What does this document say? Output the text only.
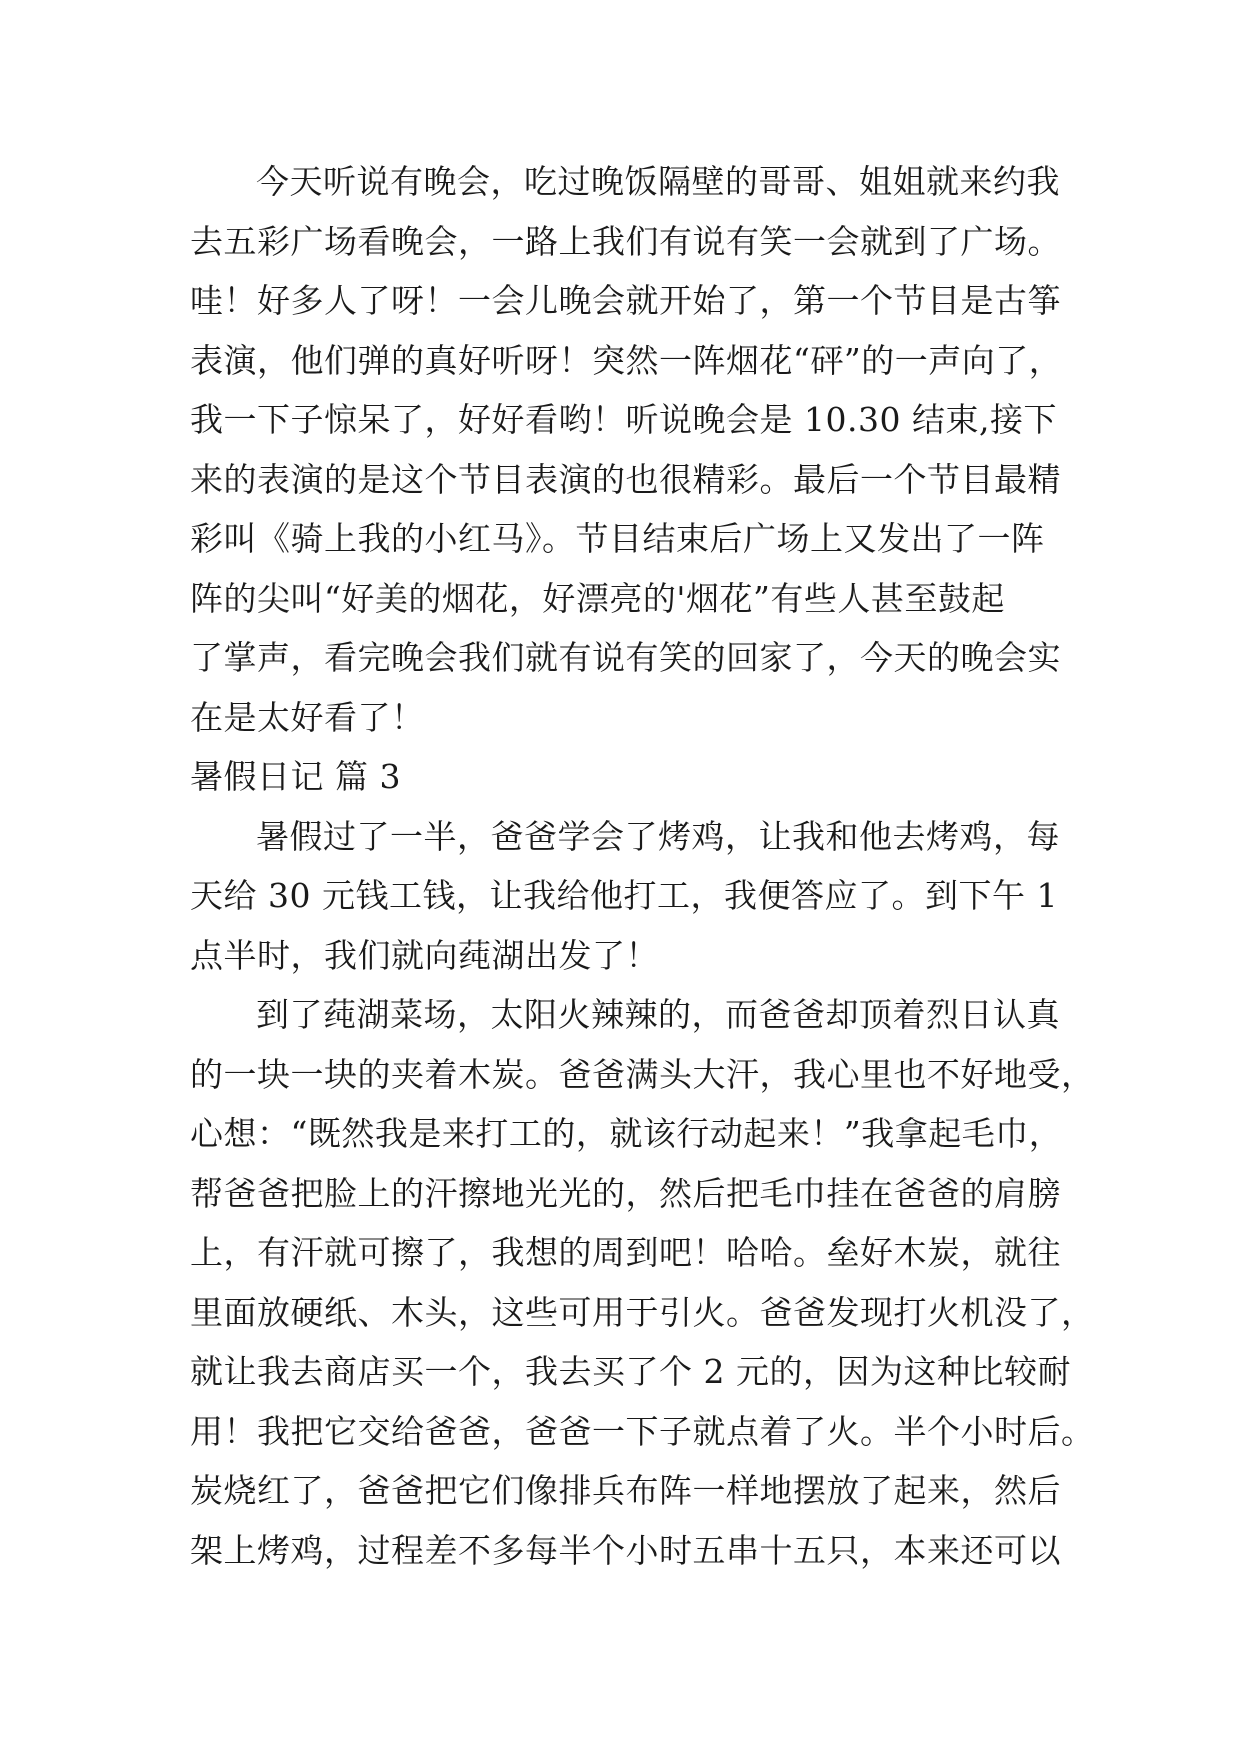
今天听说有晚会，吃过晚饭隔壁的哥哥、姐姐就来约我
去五彩广场看晚会，一路上我们有说有笑一会就到了广场。
哇！好多人了呀！一会儿晚会就开始了，第一个节目是古筝
表演，他们弹的真好听呀！突然一阵烟花“砰”的一声向了，
我一下子惊呆了，好好看哟！听说晚会是 10.30 结束,接下
来的表演的是这个节目表演的也很精彩。最后一个节目最精
彩叫《骑上我的小红马》。节目结束后广场上又发出了一阵
阵的尖叫“好美的烟花，好漂亮的'烟花”有些人甚至鼓起
了掌声，看完晚会我们就有说有笑的回家了，今天的晚会实
在是太好看了！
暑假日记 篇 3
暑假过了一半，爸爸学会了烤鸡，让我和他去烤鸡，每
天给 30 元钱工钱，让我给他打工，我便答应了。到下午 1
点半时，我们就向莼湖出发了！
到了莼湖菜场，太阳火辣辣的，而爸爸却顶着烈日认真
的一块一块的夹着木炭。爸爸满头大汗，我心里也不好地受，
心想：“既然我是来打工的，就该行动起来！”我拿起毛巾，
帮爸爸把脸上的汗擦地光光的，然后把毛巾挂在爸爸的肩膀
上，有汗就可擦了，我想的周到吧！哈哈。垒好木炭，就往
里面放硬纸、木头，这些可用于引火。爸爸发现打火机没了，
就让我去商店买一个，我去买了个 2 元的，因为这种比较耐
用！我把它交给爸爸，爸爸一下子就点着了火。半个小时后。
炭烧红了，爸爸把它们像排兵布阵一样地摆放了起来，然后
架上烤鸡，过程差不多每半个小时五串十五只，本来还可以
